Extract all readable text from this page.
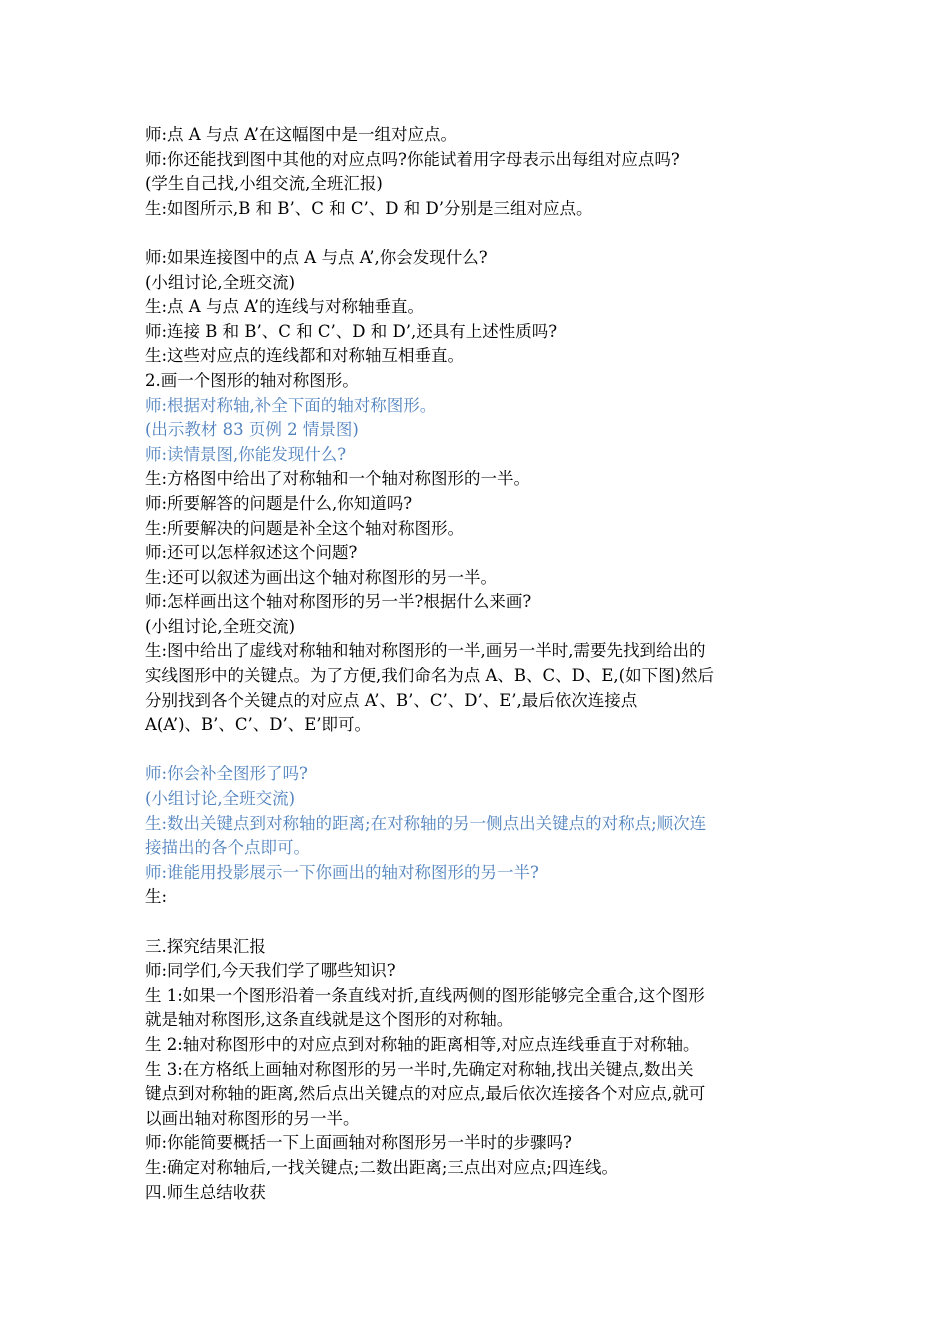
师:点 A 与点 A’在这幅图中是一组对应点。
师:你还能找到图中其他的对应点吗?你能试着用字母表示出每组对应点吗?
(学生自己找,小组交流,全班汇报)
生:如图所示,B 和 B’、C 和 C’、D 和 D’分别是三组对应点。
师:如果连接图中的点 A 与点 A’,你会发现什么?
(小组讨论,全班交流)
生:点 A 与点 A’的连线与对称轴垂直。
师:连接 B 和 B’、C 和 C’、D 和 D’,还具有上述性质吗?
生:这些对应点的连线都和对称轴互相垂直。
2.画一个图形的轴对称图形。
师:根据对称轴,补全下面的轴对称图形。
(出示教材 83 页例 2 情景图)
师:读情景图,你能发现什么?
生:方格图中给出了对称轴和一个轴对称图形的一半。
师:所要解答的问题是什么,你知道吗?
生:所要解决的问题是补全这个轴对称图形。
师:还可以怎样叙述这个问题?
生:还可以叙述为画出这个轴对称图形的另一半。
师:怎样画出这个轴对称图形的另一半?根据什么来画?
(小组讨论,全班交流)
生:图中给出了虚线对称轴和轴对称图形的一半,画另一半时,需要先找到给出的
实线图形中的关键点。为了方便,我们命名为点 A、B、C、D、E,(如下图)然后
分别找到各个关键点的对应点 A’、B’、C’、D’、E’,最后依次连接点
A(A’)、B’、C’、D’、E’即可。
师:你会补全图形了吗?
(小组讨论,全班交流)
生:数出关键点到对称轴的距离;在对称轴的另一侧点出关键点的对称点;顺次连
接描出的各个点即可。
师:谁能用投影展示一下你画出的轴对称图形的另一半?
生:
三.探究结果汇报
师:同学们,今天我们学了哪些知识?
生 1:如果一个图形沿着一条直线对折,直线两侧的图形能够完全重合,这个图形
就是轴对称图形,这条直线就是这个图形的对称轴。
生 2:轴对称图形中的对应点到对称轴的距离相等,对应点连线垂直于对称轴。
生 3:在方格纸上画轴对称图形的另一半时,先确定对称轴,找出关键点,数出关
键点到对称轴的距离,然后点出关键点的对应点,最后依次连接各个对应点,就可
以画出轴对称图形的另一半。
师:你能简要概括一下上面画轴对称图形另一半时的步骤吗?
生:确定对称轴后,一找关键点;二数出距离;三点出对应点;四连线。
四.师生总结收获
